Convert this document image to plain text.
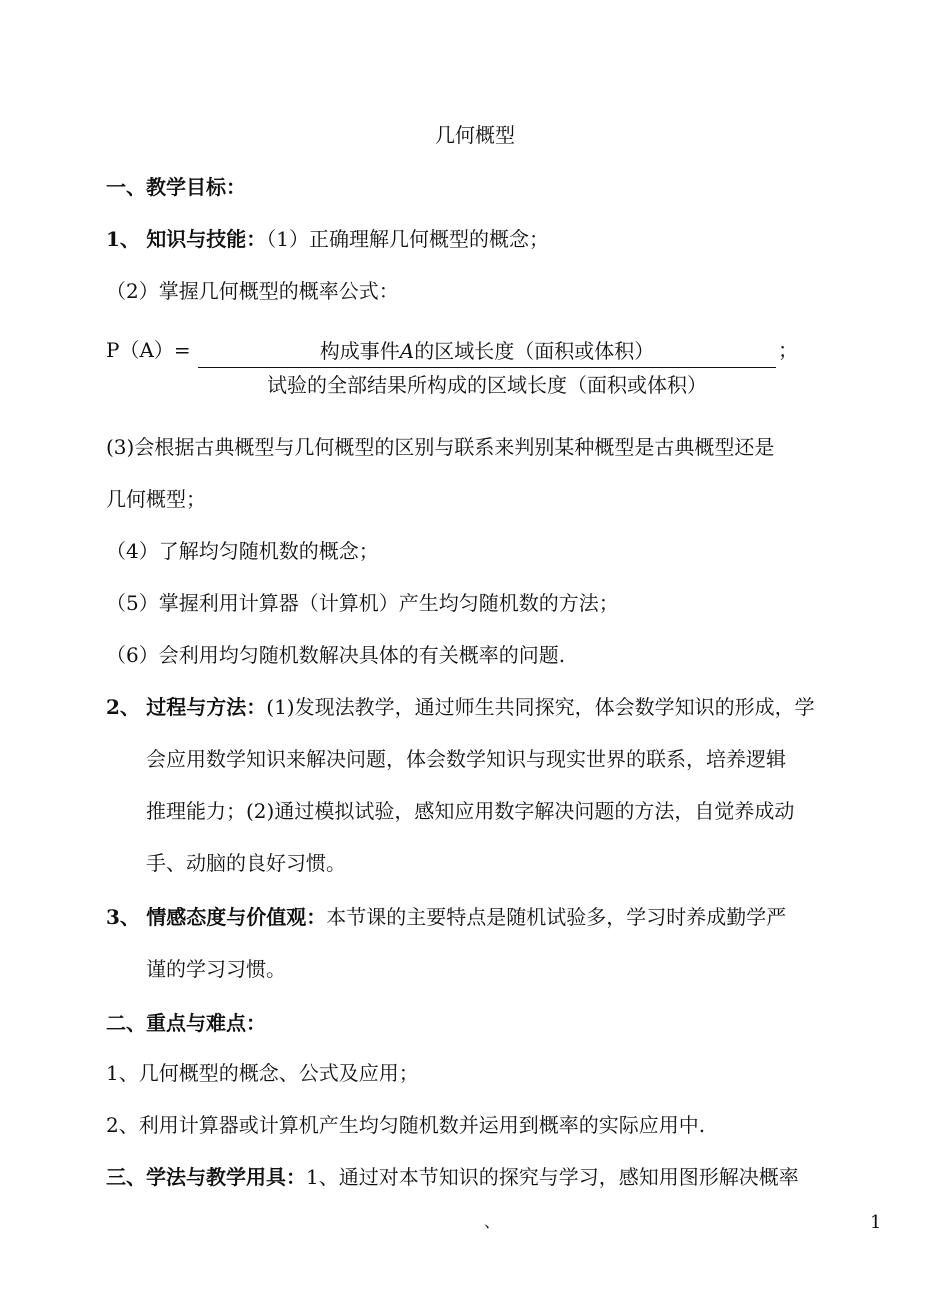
几何概型
一、教学目标：
1、 知识与技能：（1）正确理解几何概型的概念；
（2）掌握几何概型的概率公式：
P（A）=	构成事件A的区域长度（面积或体积）
试验的全部结果所构成的区域长度（面积或体积）
；
(3)会根据古典概型与几何概型的区别与联系来判别某种概型是古典概型还是
几何概型；
（4）了解均匀随机数的概念；
（5）掌握利用计算器（计算机）产生均匀随机数的方法；
（6）会利用均匀随机数解决具体的有关概率的问题.
2、 过程与方法：(1)发现法教学，通过师生共同探究，体会数学知识的形成，学
会应用数学知识来解决问题，体会数学知识与现实世界的联系，培养逻辑
推理能力；(2)通过模拟试验，感知应用数字解决问题的方法，自觉养成动
手、动脑的良好习惯。
3、 情感态度与价值观：本节课的主要特点是随机试验多，学习时养成勤学严
谨的学习习惯。
二、重点与难点：
1、几何概型的概念、公式及应用；
2、利用计算器或计算机产生均匀随机数并运用到概率的实际应用中.
三、学法与教学用具：1、通过对本节知识的探究与学习，感知用图形解决概率
、	1
